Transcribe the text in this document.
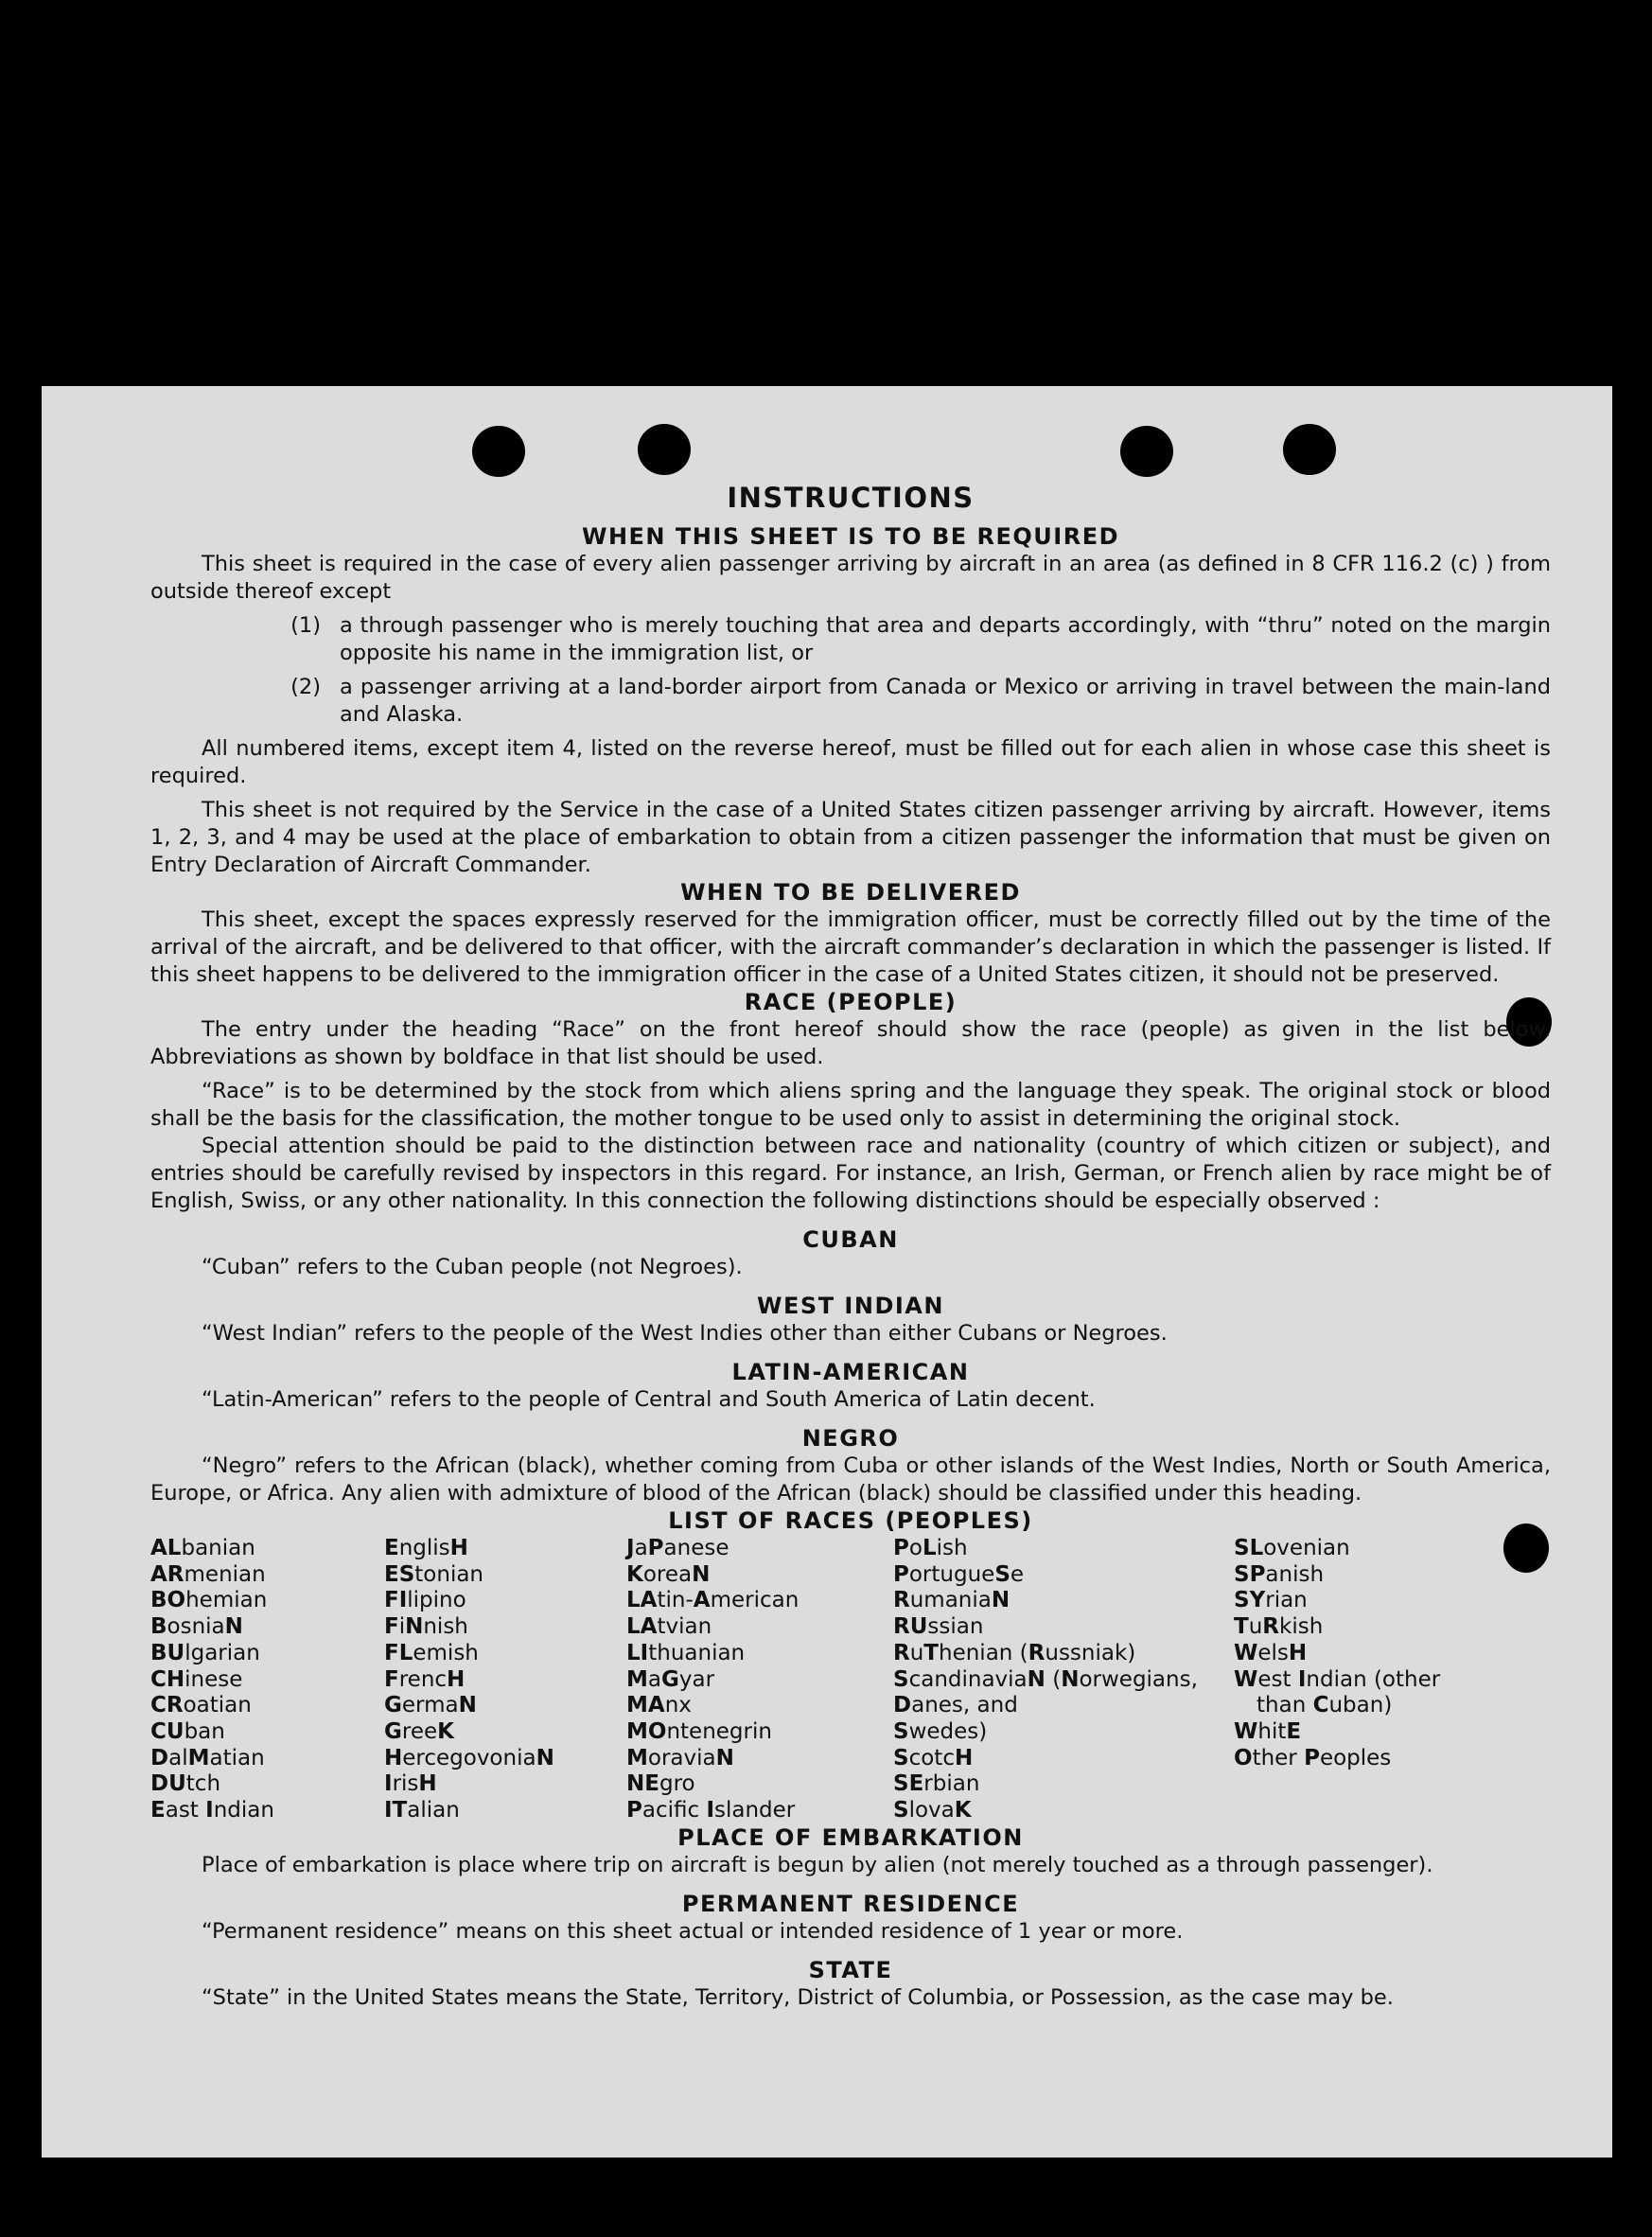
INSTRUCTIONS
WHEN THIS SHEET IS TO BE REQUIRED

This sheet is required in the case of every alien passenger arriving by aircraft in an area (as defined in 8 CFR 116.2 (c) ) from outside thereof except

(1) a through passenger who is merely touching that area and departs accordingly, with “thru” noted on the margin opposite his name in the immigration list, or
(2) a passenger arriving at a land-border airport from Canada or Mexico or arriving in travel between the main-land and Alaska.

All numbered items, except item 4, listed on the reverse hereof, must be filled out for each alien in whose case this sheet is required.

This sheet is not required by the Service in the case of a United States citizen passenger arriving by aircraft. However, items 1, 2, 3, and 4 may be used at the place of embarkation to obtain from a citizen passenger the information that must be given on Entry Declaration of Aircraft Commander.

WHEN TO BE DELIVERED

This sheet, except the spaces expressly reserved for the immigration officer, must be correctly filled out by the time of the arrival of the aircraft, and be delivered to that officer, with the aircraft commander’s declaration in which the passenger is listed. If this sheet happens to be delivered to the immigration officer in the case of a United States citizen, it should not be preserved.

RACE (PEOPLE)

The entry under the heading “Race” on the front hereof should show the race (people) as given in the list below. Abbreviations as shown by boldface in that list should be used.

“Race” is to be determined by the stock from which aliens spring and the language they speak. The original stock or blood shall be the basis for the classification, the mother tongue to be used only to assist in determining the original stock.

Special attention should be paid to the distinction between race and nationality (country of which citizen or subject), and entries should be carefully revised by inspectors in this regard. For instance, an Irish, German, or French alien by race might be of English, Swiss, or any other nationality. In this connection the following distinctions should be especially observed :

CUBAN

“Cuban” refers to the Cuban people (not Negroes).

WEST INDIAN

“West Indian” refers to the people of the West Indies other than either Cubans or Negroes.

LATIN-AMERICAN

“Latin-American” refers to the people of Central and South America of Latin decent.

NEGRO

“Negro” refers to the African (black), whether coming from Cuba or other islands of the West Indies, North or South America, Europe, or Africa. Any alien with admixture of blood of the African (black) should be classified under this heading.

LIST OF RACES (PEOPLES)
ALbanian
ARmenian
BOhemian
BosniaN
BUlgarian
CHinese
CRoatian
CUban
DalMatian
DUtch
East Indian
EnglisH
EStonian
FIlipino
FiNnish
FLemish
FrencH
GermaN
GreeK
HercegovoniaN
IrisH
ITalian
JaPanese
KoreaN
LAtin-American
LAtvian
LIthuanian
MaGyar
MAnx
MOntenegrin
MoraviaN
NEgro
Pacific Islander
PoLish
PortugueSe
RumaniaN
RUssian
RuThenian (Russniak)
ScandinaviaN (Norwegians,
Danes, and
Swedes)
ScotcH
SErbian
SlovaK
SLovenian
SPanish
SYrian
TuRkish
WelsH
West Indian (other
than Cuban)
WhitE
Other Peoples
PLACE OF EMBARKATION

Place of embarkation is place where trip on aircraft is begun by alien (not merely touched as a through passenger).

PERMANENT RESIDENCE

“Permanent residence” means on this sheet actual or intended residence of 1 year or more.

STATE

“State” in the United States means the State, Territory, District of Columbia, or Possession, as the case may be.
